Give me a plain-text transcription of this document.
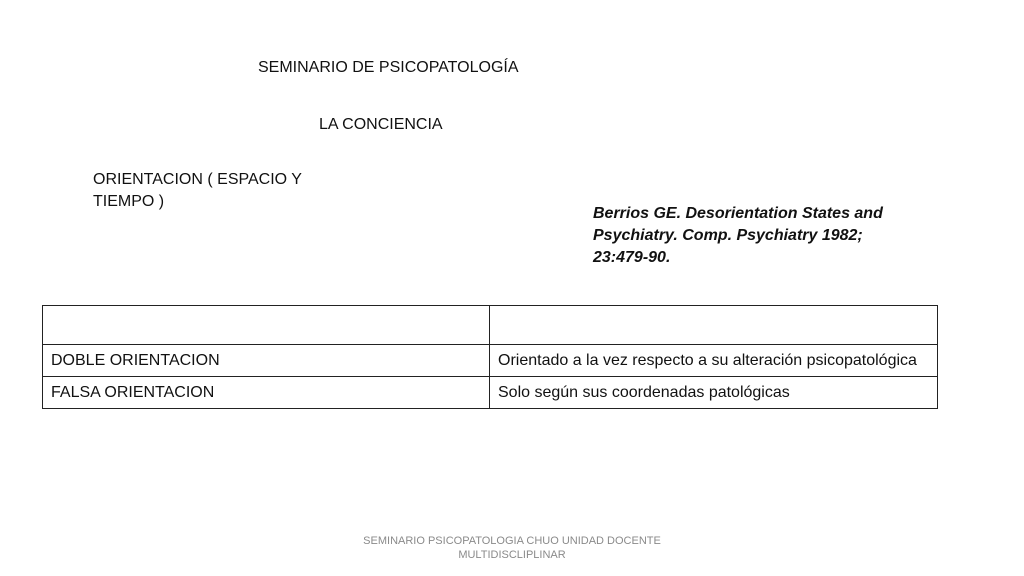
SEMINARIO DE PSICOPATOLOGÍA
LA CONCIENCIA
ORIENTACION ( ESPACIO Y TIEMPO )
Berrios GE. Desorientation States and Psychiatry. Comp. Psychiatry 1982; 23:479-90.

DOBLE ORIENTACION	Orientado a la vez respecto a su alteración psicopatológica
FALSA ORIENTACION	Solo según sus coordenadas patológicas
SEMINARIO PSICOPATOLOGIA CHUO UNIDAD DOCENTE MULTIDISCLIPLINAR
